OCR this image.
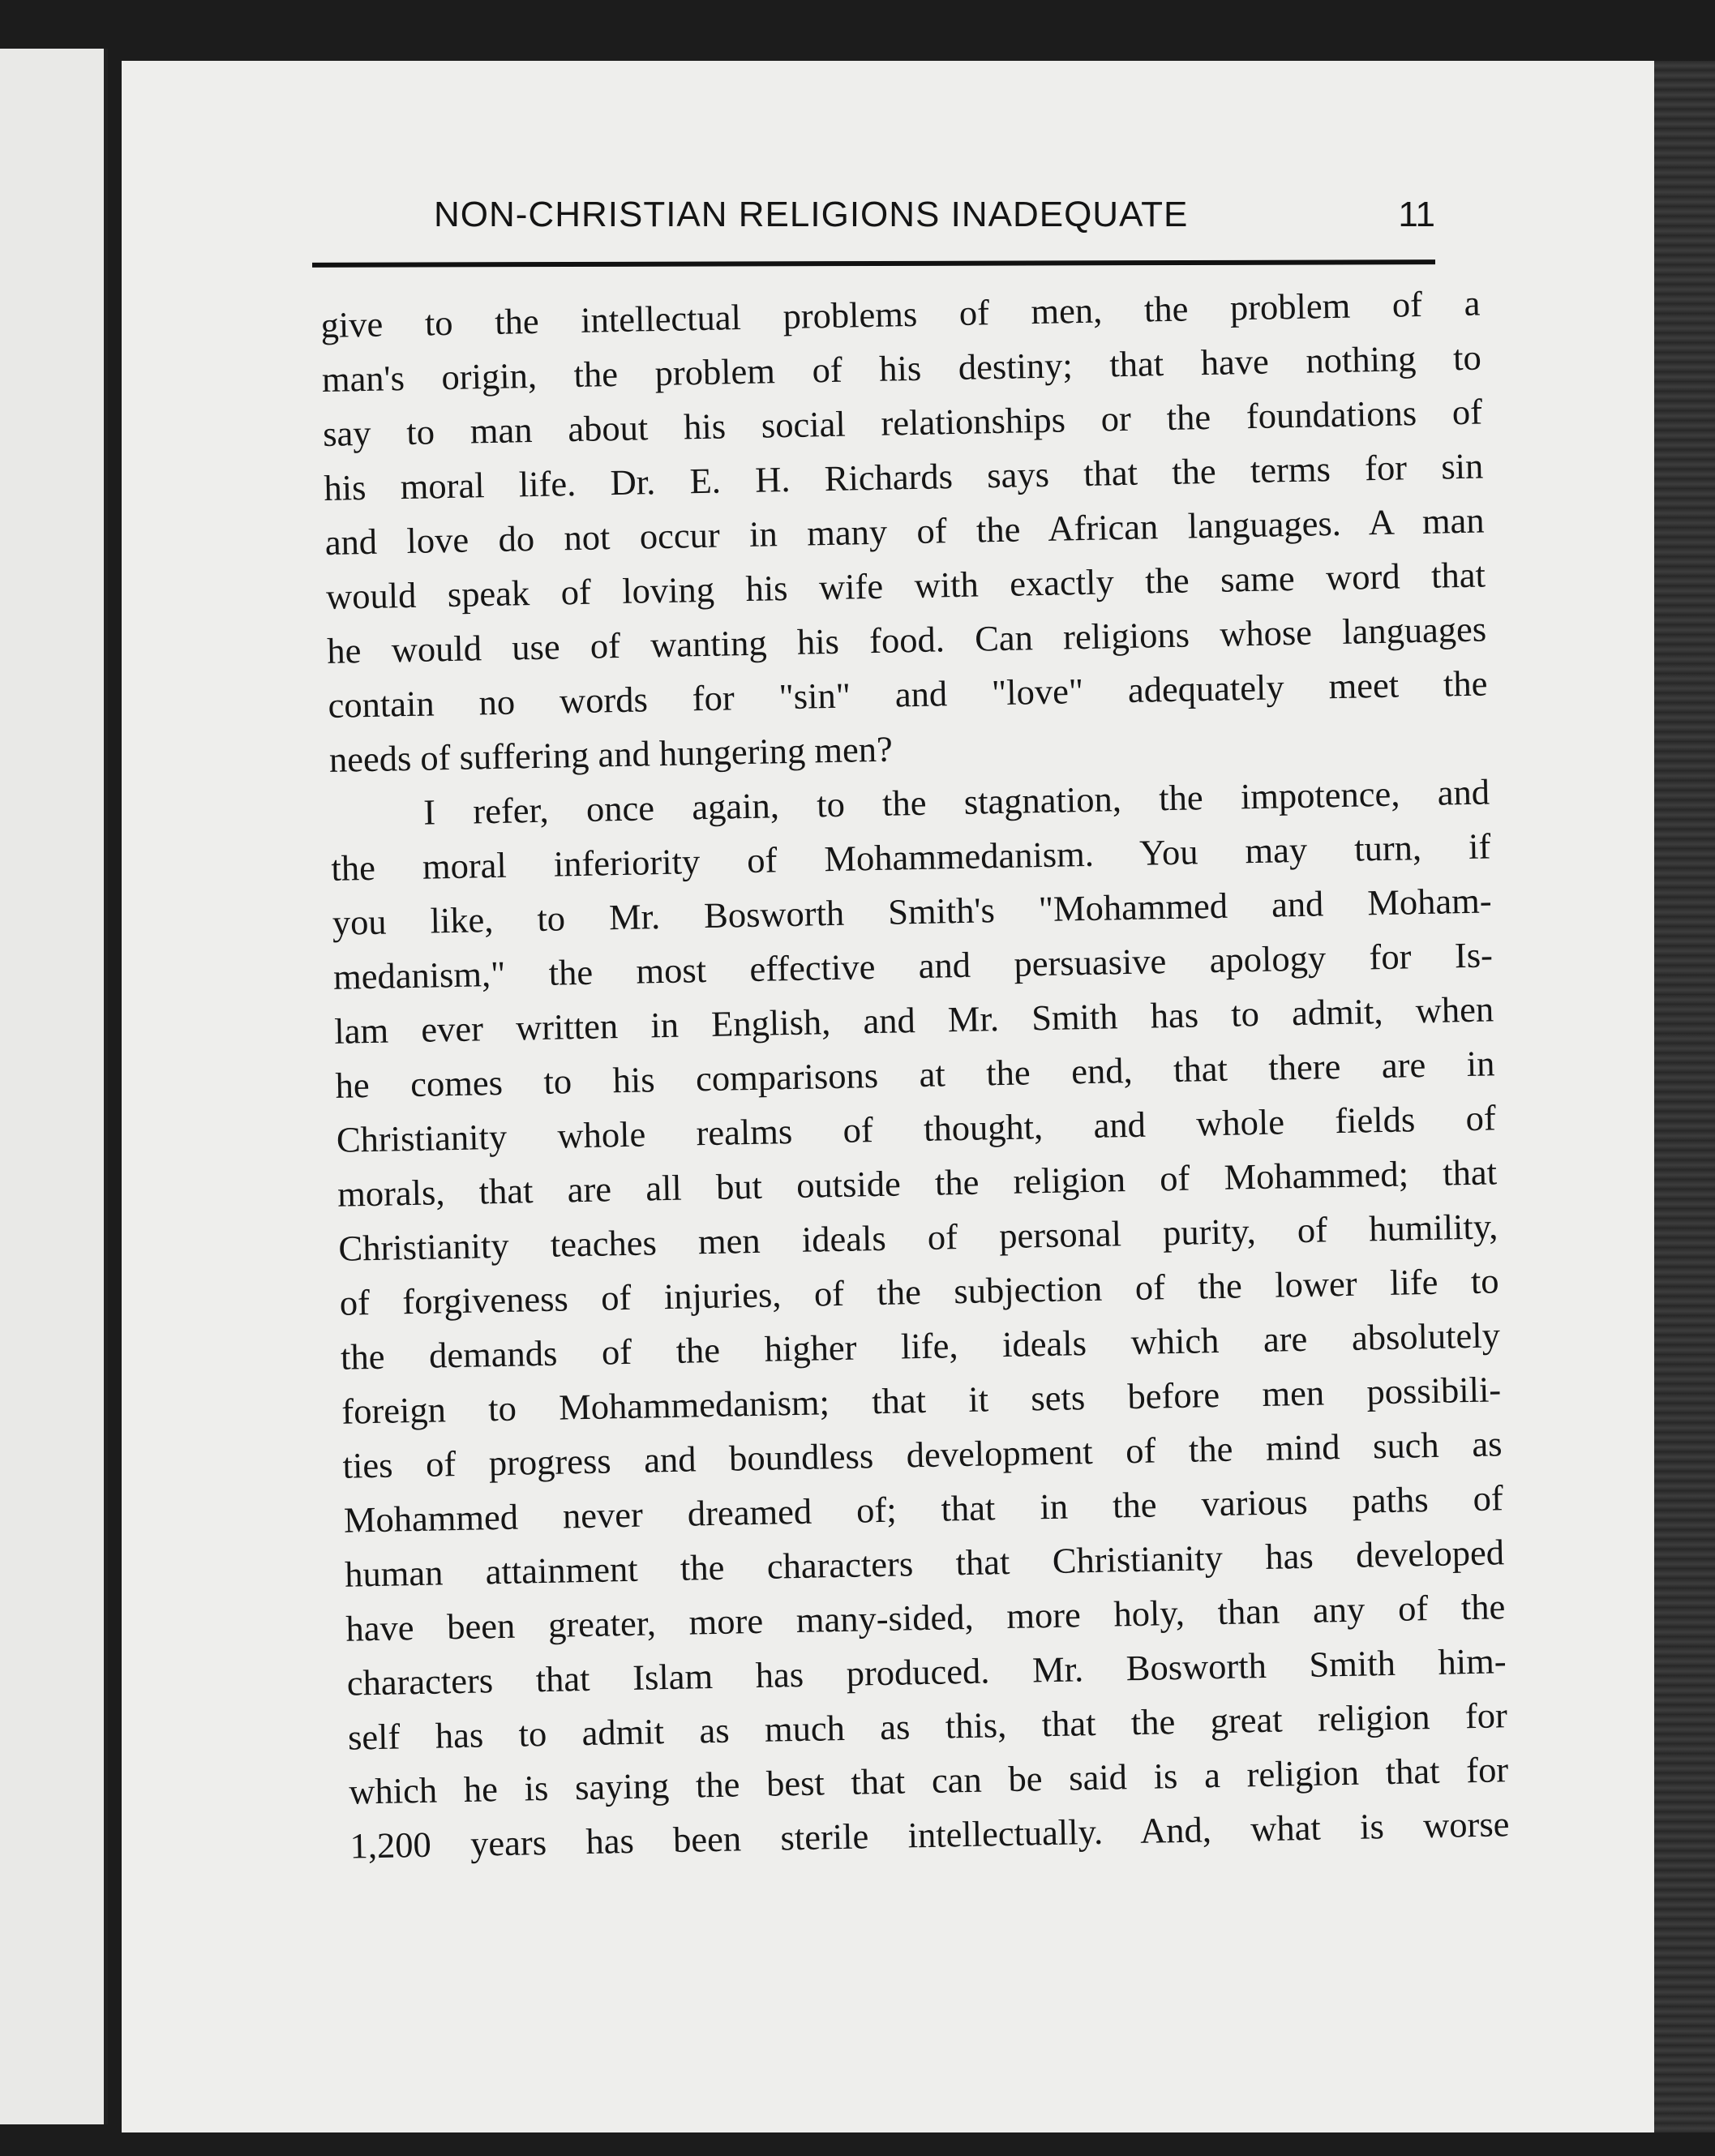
NON-CHRISTIAN RELIGIONS INADEQUATE	11
give to the intellectual problems of men, the problem of a
man's origin, the problem of his destiny; that have nothing to
say to man about his social relationships or the foundations of
his moral life. Dr. E. H. Richards says that the terms for sin
and love do not occur in many of the African languages. A man
would speak of loving his wife with exactly the same word that
he would use of wanting his food. Can religions whose languages
contain no words for "sin" and "love" adequately meet the
needs of suffering and hungering men?
I refer, once again, to the stagnation, the impotence, and
the moral inferiority of Mohammedanism. You may turn, if
you like, to Mr. Bosworth Smith's "Mohammed and Moham-
medanism," the most effective and persuasive apology for Is-
lam ever written in English, and Mr. Smith has to admit, when
he comes to his comparisons at the end, that there are in
Christianity whole realms of thought, and whole fields of
morals, that are all but outside the religion of Mohammed; that
Christianity teaches men ideals of personal purity, of humility,
of forgiveness of injuries, of the subjection of the lower life to
the demands of the higher life, ideals which are absolutely
foreign to Mohammedanism; that it sets before men possibili-
ties of progress and boundless development of the mind such as
Mohammed never dreamed of; that in the various paths of
human attainment the characters that Christianity has developed
have been greater, more many-sided, more holy, than any of the
characters that Islam has produced. Mr. Bosworth Smith him-
self has to admit as much as this, that the great religion for
which he is saying the best that can be said is a religion that for
1,200 years has been sterile intellectually. And, what is worse
